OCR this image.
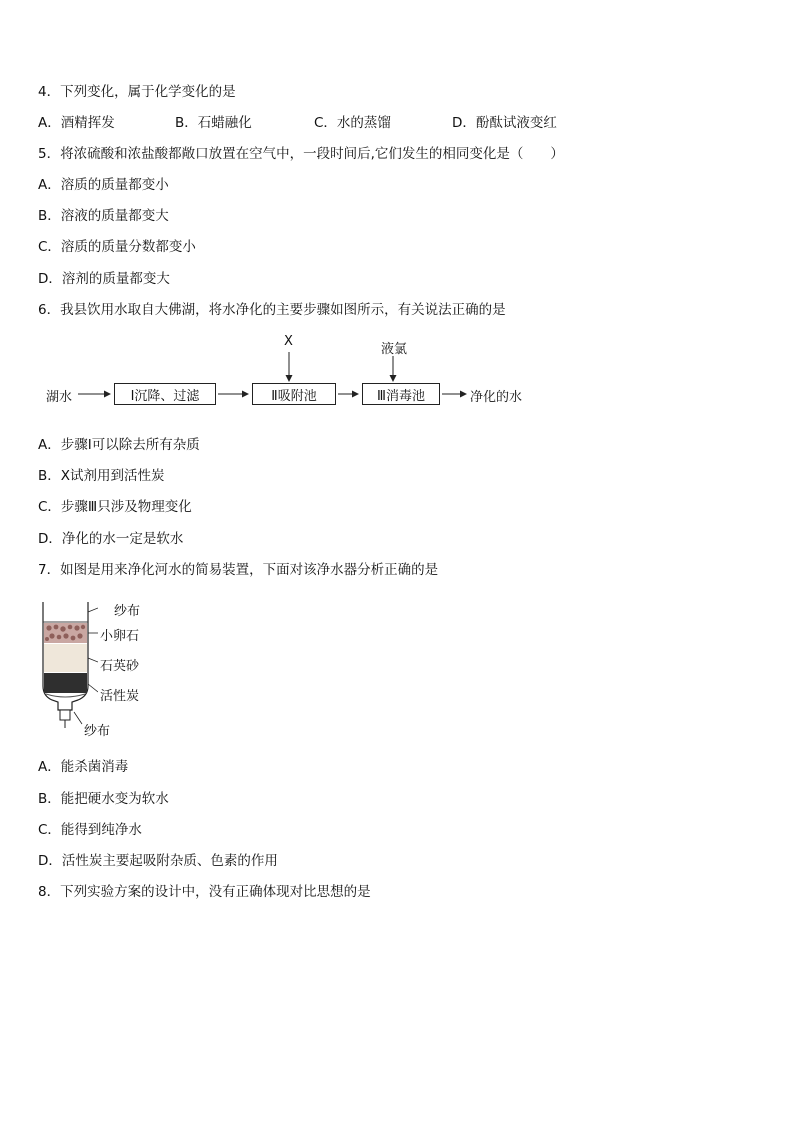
4．下列变化，属于化学变化的是
A．酒精挥发	B．石蜡融化	C．水的蒸馏	D．酚酞试液变红
5．将浓硫酸和浓盐酸都敞口放置在空气中，一段时间后,它们发生的相同变化是（　　）
A．溶质的质量都变小
B．溶液的质量都变大
C．溶质的质量分数都变小
D．溶剂的质量都变大
6．我县饮用水取自大佛湖，将水净化的主要步骤如图所示，有关说法正确的是
湖水	Ⅰ沉降、过滤	Ⅱ吸附池	Ⅲ消毒池	净化的水
X
液氯
A．步骤Ⅰ可以除去所有杂质
B．X试剂用到活性炭
C．步骤Ⅲ只涉及物理变化
D．净化的水一定是软水
7．如图是用来净化河水的简易装置，下面对该净水器分析正确的是
纱布
小卵石
石英砂
活性炭
纱布
A．能杀菌消毒
B．能把硬水变为软水
C．能得到纯净水
D．活性炭主要起吸附杂质、色素的作用
8．下列实验方案的设计中，没有正确体现对比思想的是
